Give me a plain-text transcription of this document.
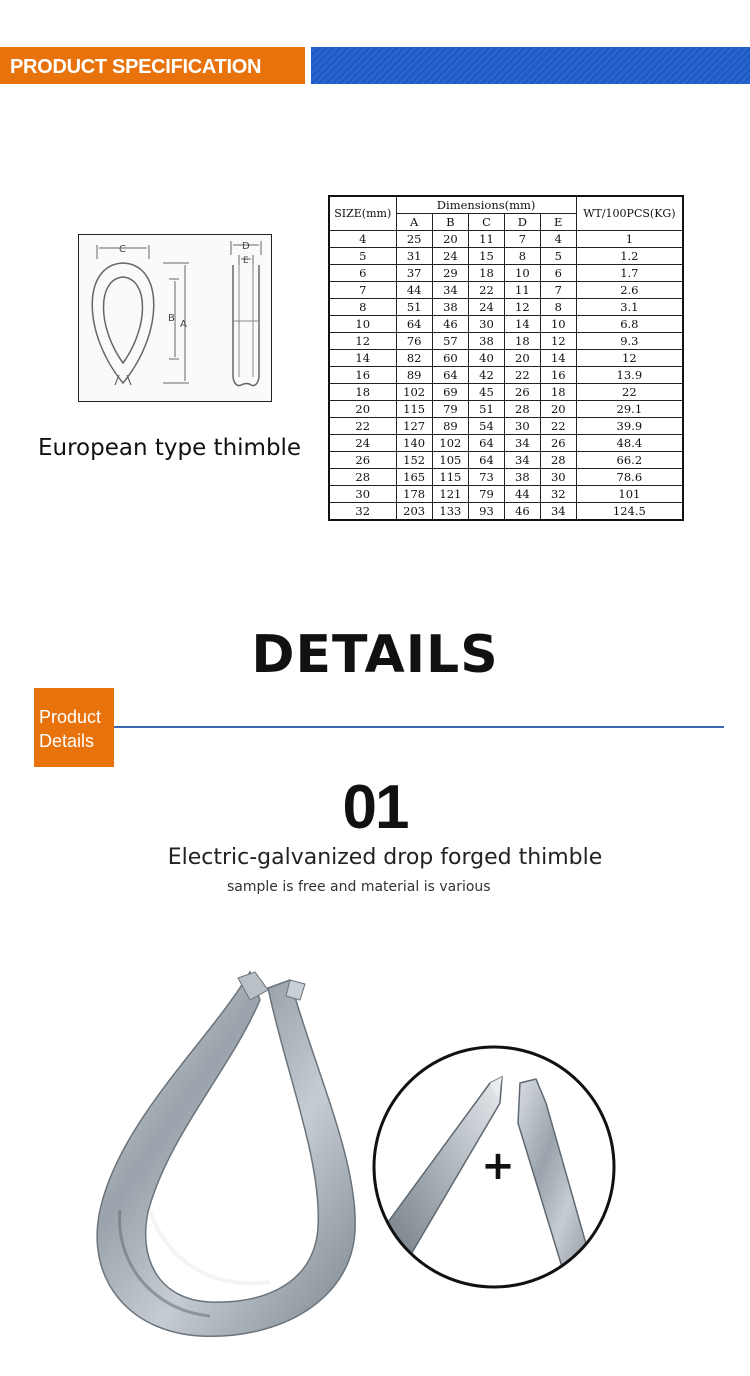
PRODUCT SPECIFICATION
C
B
A
D
E
European type thimble
SIZE(mm)	Dimensions(mm)					WT/100PCS(KG)
	A	B	C	D	E	
4	25	20	11	7	4	1
5	31	24	15	8	5	1.2
6	37	29	18	10	6	1.7
7	44	34	22	11	7	2.6
8	51	38	24	12	8	3.1
10	64	46	30	14	10	6.8
12	76	57	38	18	12	9.3
14	82	60	40	20	14	12
16	89	64	42	22	16	13.9
18	102	69	45	26	18	22
20	115	79	51	28	20	29.1
22	127	89	54	30	22	39.9
24	140	102	64	34	26	48.4
26	152	105	64	34	28	66.2
28	165	115	73	38	30	78.6
30	178	121	79	44	32	101
32	203	133	93	46	34	124.5
DETAILS
Product
Details
01
Electric-galvanized drop forged thimble
sample is free and material is various
+
